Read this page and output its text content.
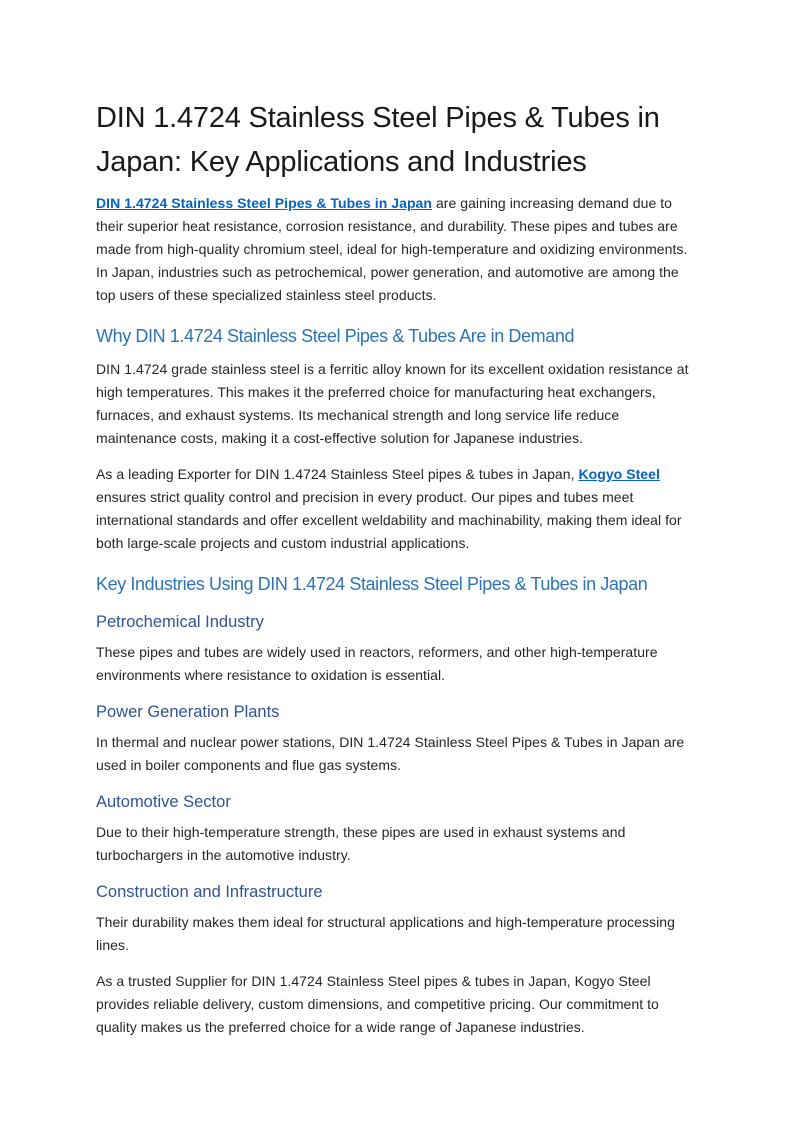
DIN 1.4724 Stainless Steel Pipes & Tubes in Japan: Key Applications and Industries

DIN 1.4724 Stainless Steel Pipes & Tubes in Japan are gaining increasing demand due to their superior heat resistance, corrosion resistance, and durability. These pipes and tubes are made from high-quality chromium steel, ideal for high-temperature and oxidizing environments. In Japan, industries such as petrochemical, power generation, and automotive are among the top users of these specialized stainless steel products.

Why DIN 1.4724 Stainless Steel Pipes & Tubes Are in Demand

DIN 1.4724 grade stainless steel is a ferritic alloy known for its excellent oxidation resistance at high temperatures. This makes it the preferred choice for manufacturing heat exchangers, furnaces, and exhaust systems. Its mechanical strength and long service life reduce maintenance costs, making it a cost-effective solution for Japanese industries.

As a leading Exporter for DIN 1.4724 Stainless Steel pipes & tubes in Japan, Kogyo Steel ensures strict quality control and precision in every product. Our pipes and tubes meet international standards and offer excellent weldability and machinability, making them ideal for both large-scale projects and custom industrial applications.

Key Industries Using DIN 1.4724 Stainless Steel Pipes & Tubes in Japan
Petrochemical Industry

These pipes and tubes are widely used in reactors, reformers, and other high-temperature environments where resistance to oxidation is essential.

Power Generation Plants

In thermal and nuclear power stations, DIN 1.4724 Stainless Steel Pipes & Tubes in Japan are used in boiler components and flue gas systems.

Automotive Sector

Due to their high-temperature strength, these pipes are used in exhaust systems and turbochargers in the automotive industry.

Construction and Infrastructure

Their durability makes them ideal for structural applications and high-temperature processing lines.

As a trusted Supplier for DIN 1.4724 Stainless Steel pipes & tubes in Japan, Kogyo Steel provides reliable delivery, custom dimensions, and competitive pricing. Our commitment to quality makes us the preferred choice for a wide range of Japanese industries.
